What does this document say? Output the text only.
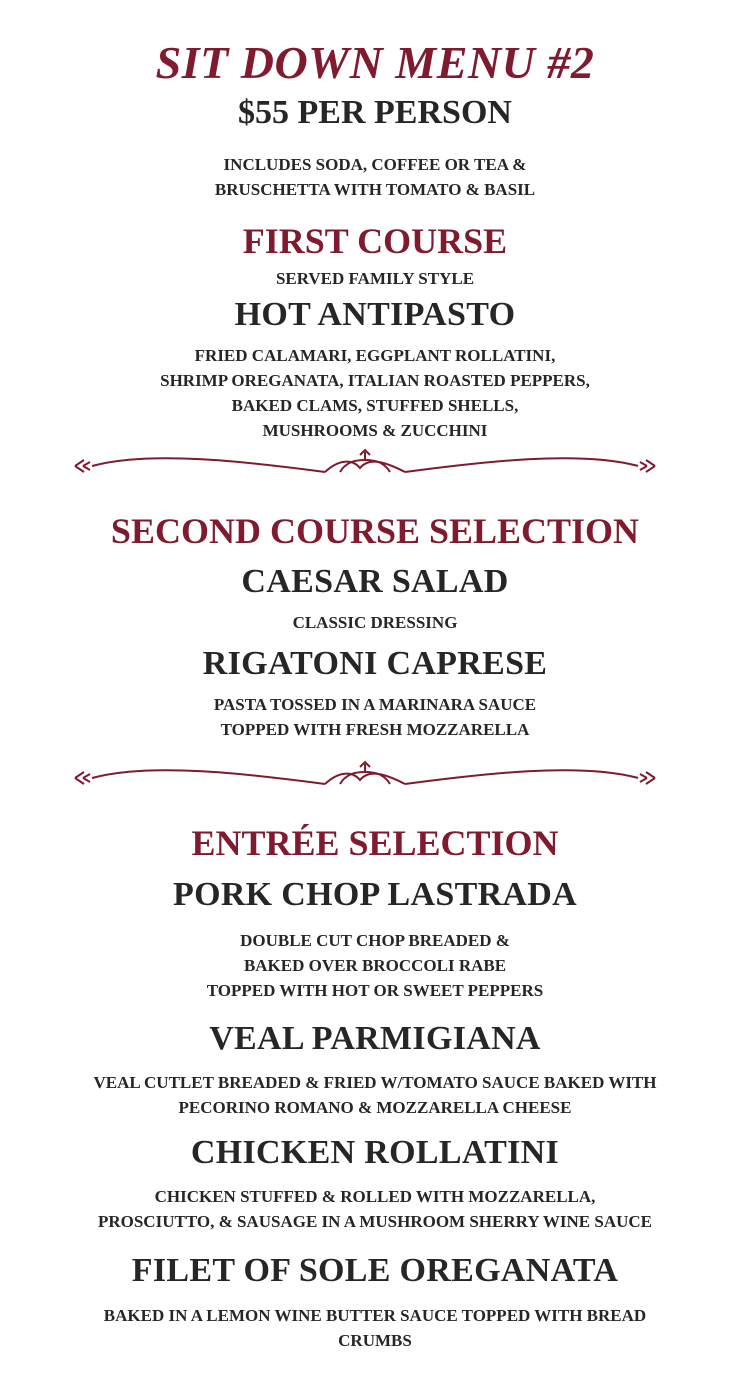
SIT DOWN MENU #2
$55 PER PERSON
INCLUDES SODA, COFFEE OR TEA &
BRUSCHETTA WITH TOMATO & BASIL
FIRST COURSE
SERVED FAMILY STYLE
HOT ANTIPASTO
FRIED CALAMARI, EGGPLANT ROLLATINI,
SHRIMP OREGANATA, ITALIAN ROASTED PEPPERS,
BAKED CLAMS, STUFFED SHELLS,
MUSHROOMS & ZUCCHINI
SECOND COURSE SELECTION
CAESAR SALAD
CLASSIC DRESSING
RIGATONI CAPRESE
PASTA TOSSED IN A MARINARA SAUCE
TOPPED WITH FRESH MOZZARELLA
ENTRÉE SELECTION
PORK CHOP LASTRADA
DOUBLE CUT CHOP BREADED &
BAKED OVER BROCCOLI RABE
TOPPED WITH HOT OR SWEET PEPPERS
VEAL PARMIGIANA
VEAL CUTLET BREADED & FRIED W/TOMATO SAUCE BAKED WITH
PECORINO ROMANO & MOZZARELLA CHEESE
CHICKEN ROLLATINI
CHICKEN STUFFED & ROLLED WITH MOZZARELLA,
PROSCIUTTO, & SAUSAGE IN A MUSHROOM SHERRY WINE SAUCE
FILET OF SOLE OREGANATA
BAKED IN A LEMON WINE BUTTER SAUCE TOPPED WITH BREAD
CRUMBS
